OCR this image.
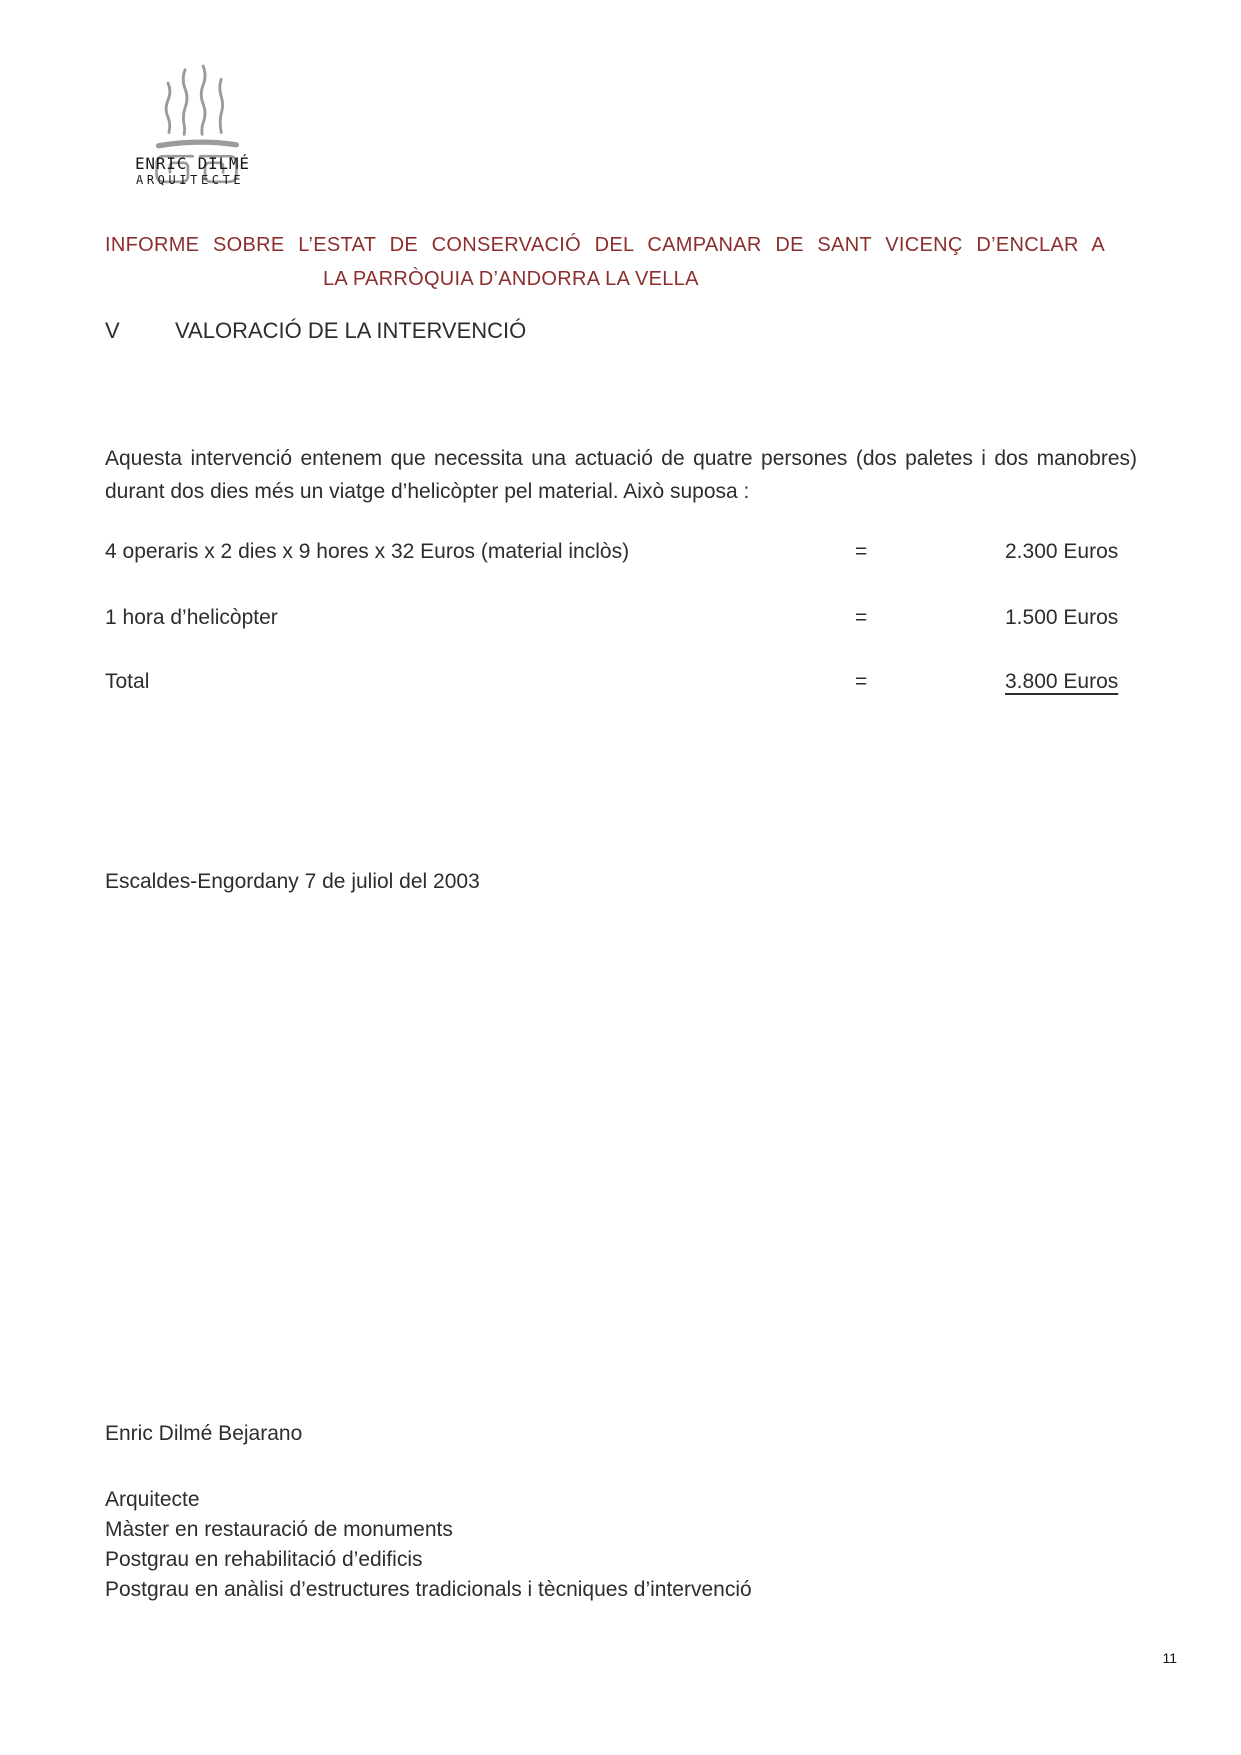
ENRIC DILMÉ
ARQUITECTE
INFORME SOBRE L’ESTAT DE CONSERVACIÓ DEL CAMPANAR DE SANT VICENÇ D’ENCLAR A
LA PARRÒQUIA D’ANDORRA LA VELLA
V	VALORACIÓ DE LA INTERVENCIÓ
Aquesta intervenció entenem que necessita una actuació de quatre persones (dos paletes i dos manobres) durant dos dies més un viatge d’helicòpter pel material. Això suposa :
4 operaris x 2 dies x 9 hores x 32 Euros (material inclòs)	=	2.300 Euros
1 hora d’helicòpter	=	1.500 Euros
Total	=	3.800 Euros
Escaldes-Engordany 7 de juliol del 2003
Enric Dilmé Bejarano
Arquitecte
Màster en restauració de monuments
Postgrau en rehabilitació d’edificis
Postgrau en anàlisi d’estructures tradicionals i tècniques d’intervenció
11
